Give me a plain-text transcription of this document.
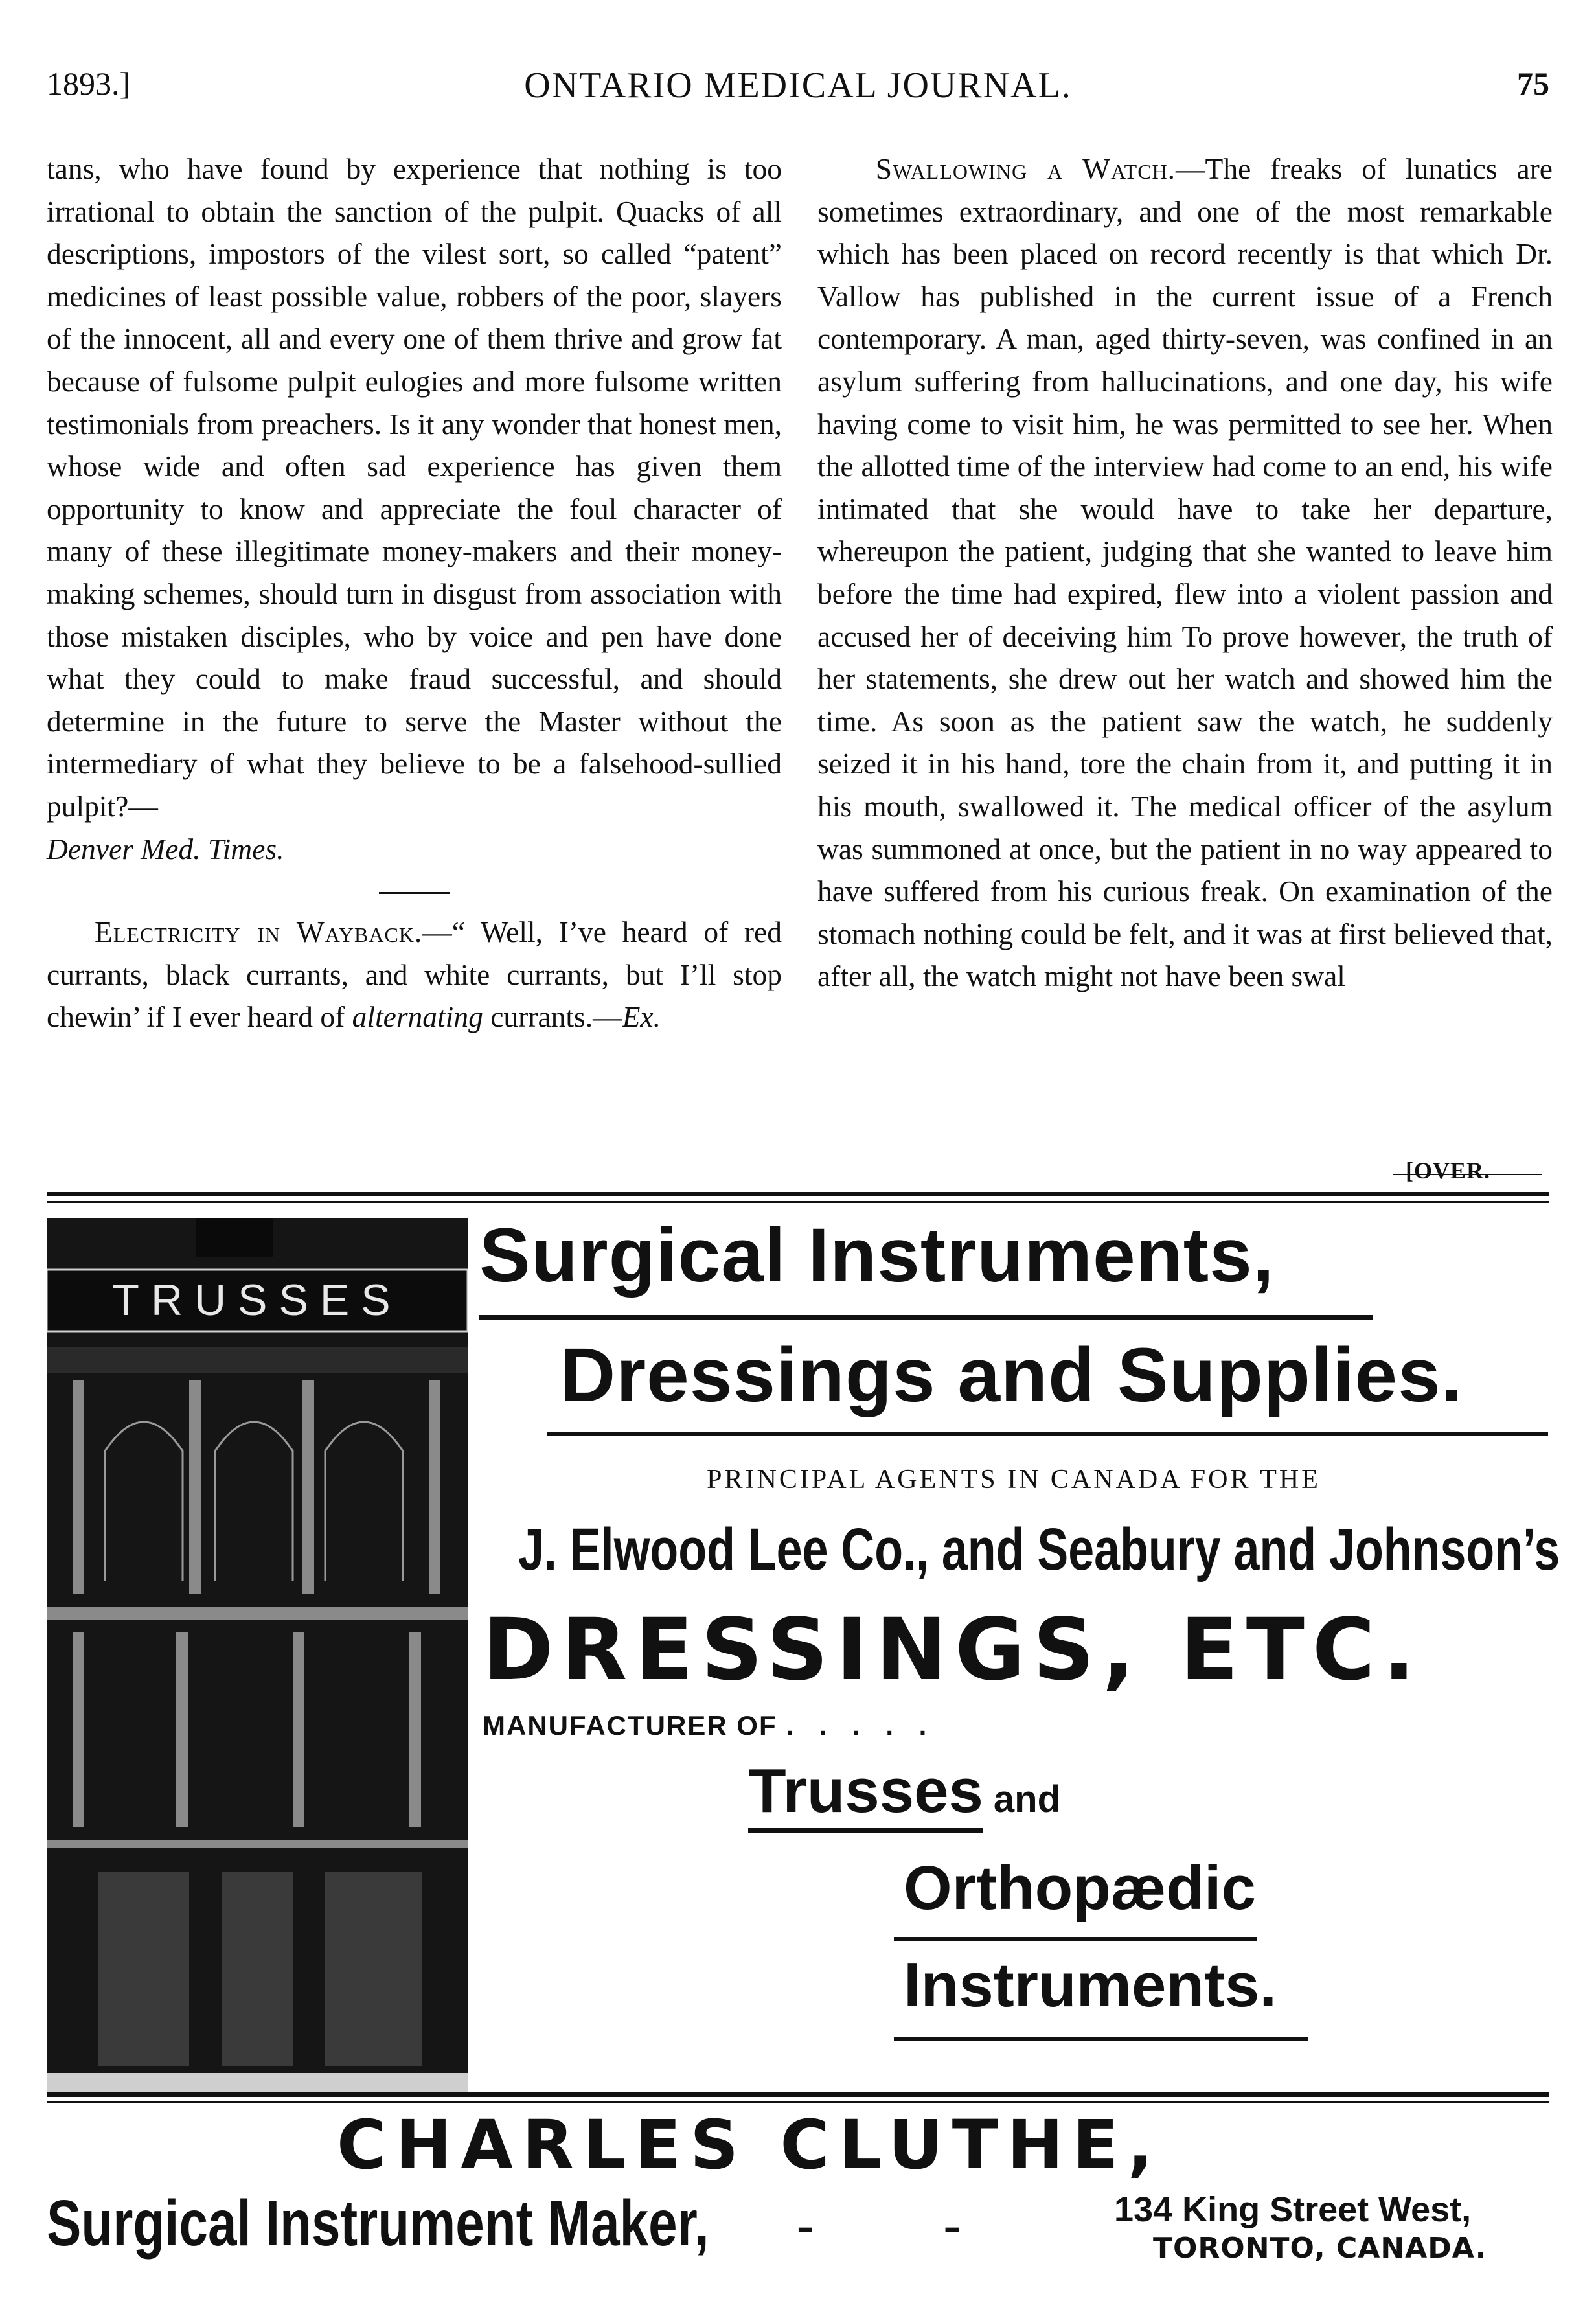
1893.]	ONTARIO MEDICAL JOURNAL.	75

tans, who have found by experience that nothing is too irrational to obtain the sanction of the pulpit. Quacks of all descriptions, impostors of the vilest sort, so called “patent” medicines of least possible value, robbers of the poor, slayers of the innocent, all and every one of them thrive and grow fat because of fulsome pulpit eulogies and more fulsome written testimonials from preachers. Is it any wonder that honest men, whose wide and often sad experience has given them opportunity to know and appreciate the foul character of many of these illegitimate money-makers and their money-making schemes, should turn in disgust from association with those mistaken disciples, who by voice and pen have done what they could to make fraud successful, and should determine in the future to serve the Master without the intermediary of what they believe to be a falsehood-sullied pulpit?—
Denver Med. Times.

Electricity in Wayback.—“ Well, I’ve heard of red currants, black currants, and white currants, but I’ll stop chewin’ if I ever heard of alternating currants.—Ex.

Swallowing a Watch.—The freaks of lunatics are sometimes extraordinary, and one of the most remarkable which has been placed on record recently is that which Dr. Vallow has published in the current issue of a French contemporary. A man, aged thirty-seven, was confined in an asylum suffering from hallucinations, and one day, his wife having come to visit him, he was permitted to see her. When the allotted time of the interview had come to an end, his wife intimated that she would have to take her departure, whereupon the patient, judging that she wanted to leave him before the time had expired, flew into a violent passion and accused her of deceiving him To prove however, the truth of her statements, she drew out her watch and showed him the time. As soon as the patient saw the watch, he suddenly seized it in his hand, tore the chain from it, and putting it in his mouth, swallowed it. The medical officer of the asylum was summoned at once, but the patient in no way appeared to have suffered from his curious freak. On examination of the stomach nothing could be felt, and it was at first believed that, after all, the watch might not have been swal

[OVER.
TRUSSES
Surgical Instruments,
Dressings and Supplies.
PRINCIPAL AGENTS IN CANADA FOR THE
J. Elwood Lee Co., and Seabury and Johnson’s
DRESSINGS, ETC.
MANUFACTURER OF . . . . .
Trusses and
Orthopædic
Instruments.
CHARLES CLUTHE,
Surgical Instrument Maker, - -	134 King Street West,
TORONTO, CANADA.
